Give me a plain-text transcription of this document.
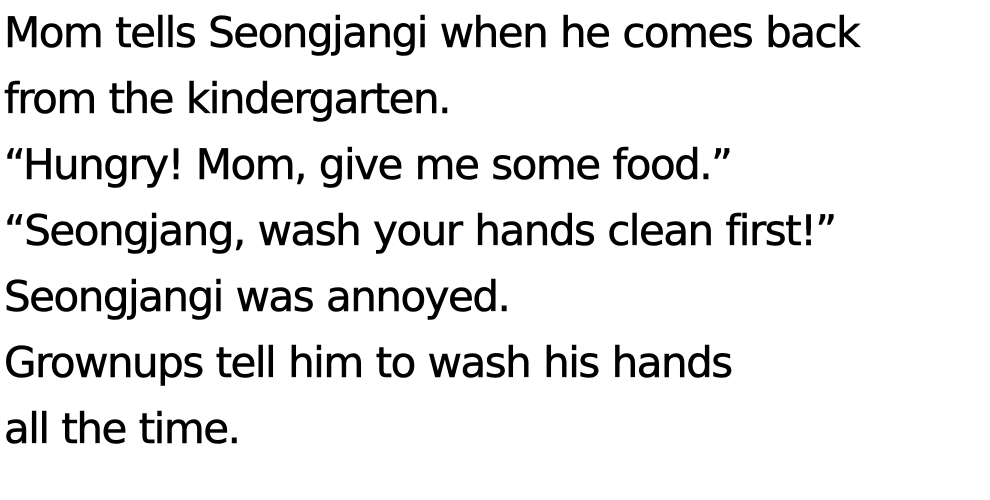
Mom tells Seongjangi when he comes back
from the kindergarten.
“Hungry! Mom, give me some food.”
“Seongjang, wash your hands clean first!”
Seongjangi was annoyed.
Grownups tell him to wash his hands
all the time.
